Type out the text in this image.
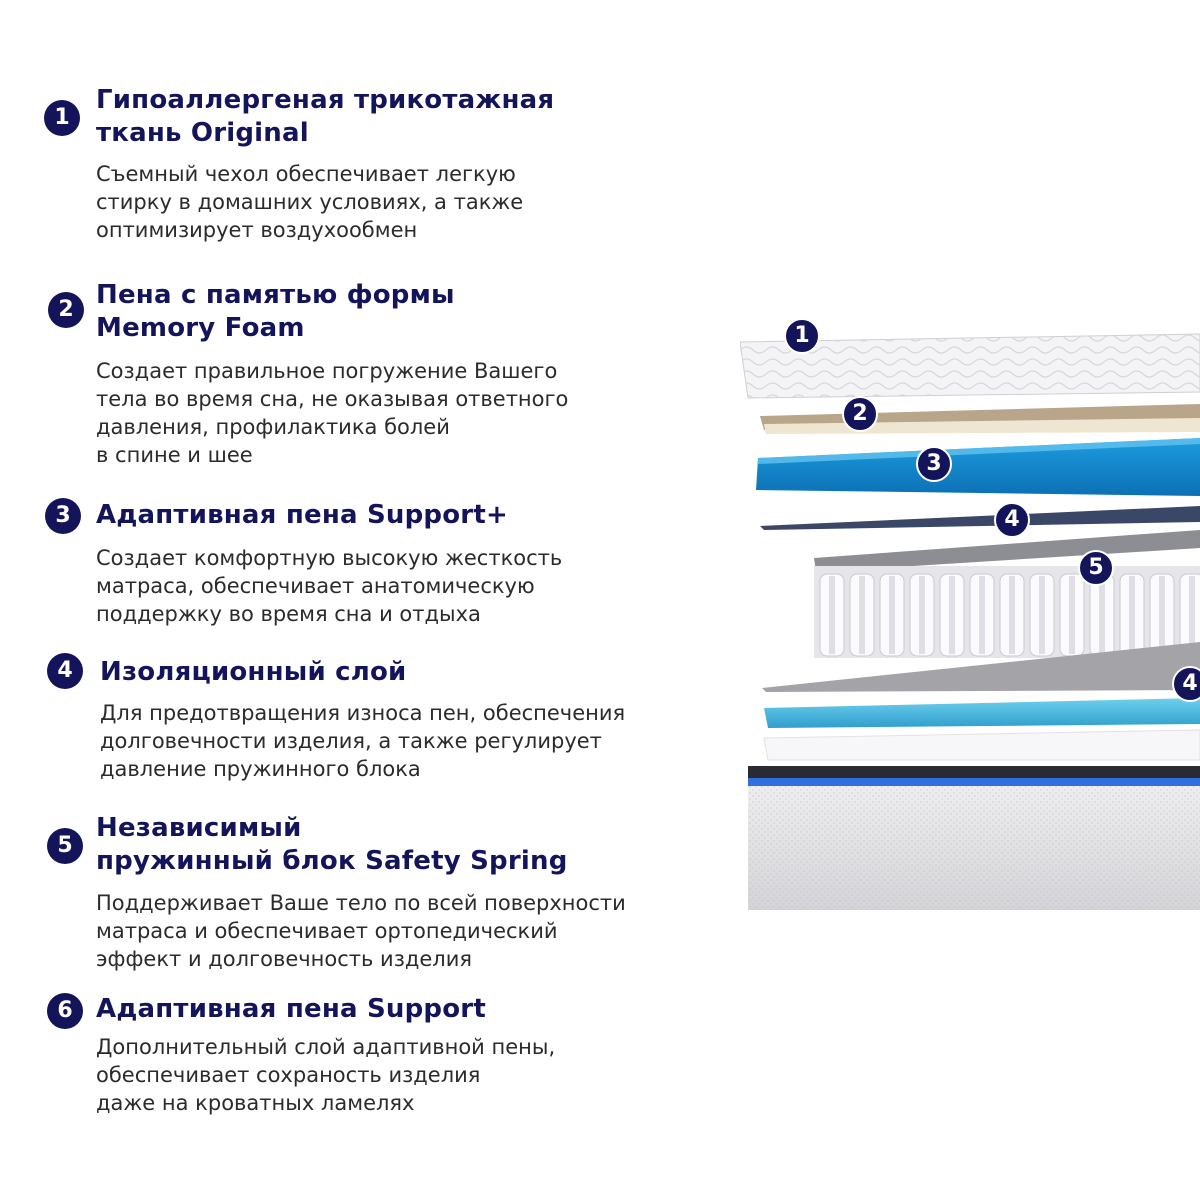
1
Гипоаллергеная трикотажная
ткань Original
Съемный чехол обеспечивает легкую
стирку в домашних условиях, а также
оптимизирует воздухообмен
2 Пена с памятью формы
Memory Foam
Создает правильное погружение Вашего
тела во время сна, не оказывая ответного
давления, профилактика болей
в спине и шее
3 Адаптивная пена Support+
Создает комфортную высокую жесткость
матраса, обеспечивает анатомическую
поддержку во время сна и отдыха
4	Изоляционный слой
Для предотвращения износа пен, обеспечения
долговечности изделия, а также регулирует
давление пружинного блока
5
Независимый
пружинный блок Safety Spring
Поддерживает Ваше тело по всей поверхности
матраса и обеспечивает ортопедический
эффект и долговечность изделия
6 Адаптивная пена Support
Дополнительный слой адаптивной пены,
обеспечивает сохраность изделия
даже на кроватных ламелях
1
2
3
4
5
4
